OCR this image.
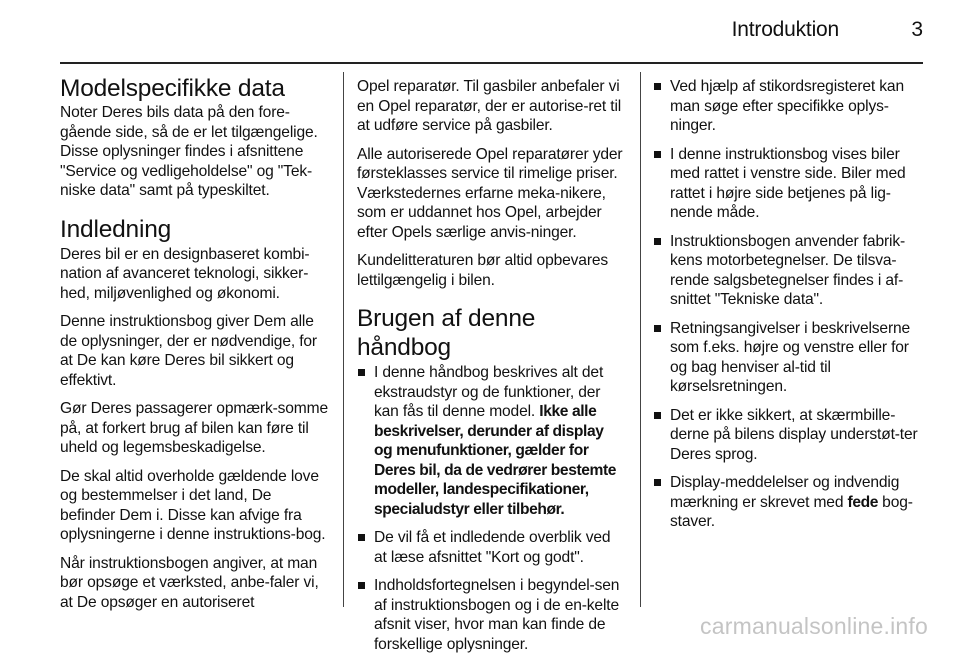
Introduktion	3
Modelspecifikke data

Noter Deres bils data på den fore-gående side, så de er let tilgængelige. Disse oplysninger findes i afsnittene "Service og vedligeholdelse" og "Tek-niske data" samt på typeskiltet.

Indledning

Deres bil er en designbaseret kombi-nation af avanceret teknologi, sikker-hed, miljøvenlighed og økonomi.

Denne instruktionsbog giver Dem alle de oplysninger, der er nødvendige, for at De kan køre Deres bil sikkert og effektivt.

Gør Deres passagerer opmærk-somme på, at forkert brug af bilen kan føre til uheld og legemsbeskadigelse.

De skal altid overholde gældende love og bestemmelser i det land, De befinder Dem i. Disse kan afvige fra oplysningerne i denne instruktions-bog.

Når instruktionsbogen angiver, at man bør opsøge et værksted, anbe-faler vi, at De opsøger en autoriseret

Opel reparatør. Til gasbiler anbefaler vi en Opel reparatør, der er autorise-ret til at udføre service på gasbiler.

Alle autoriserede Opel reparatører yder førsteklasses service til rimelige priser. Værkstedernes erfarne meka-nikere, som er uddannet hos Opel, arbejder efter Opels særlige anvis-ninger.

Kundelitteraturen bør altid opbevares lettilgængelig i bilen.

Brugen af denne håndbog
I denne håndbog beskrives alt det ekstraudstyr og de funktioner, der kan fås til denne model. Ikke alle beskrivelser, derunder af display og menufunktioner, gælder for Deres bil, da de vedrører bestemte modeller, landespecifikationer, specialudstyr eller tilbehør.
De vil få et indledende overblik ved at læse afsnittet "Kort og godt".
Indholdsfortegnelsen i begyndel-sen af instruktionsbogen og i de en-kelte afsnit viser, hvor man kan finde de forskellige oplysninger.
Ved hjælp af stikordsregisteret kan man søge efter specifikke oplys-ninger.
I denne instruktionsbog vises biler med rattet i venstre side. Biler med rattet i højre side betjenes på lig-nende måde.
Instruktionsbogen anvender fabrik-kens motorbetegnelser. De tilsva-rende salgsbetegnelser findes i af-snittet "Tekniske data".
Retningsangivelser i beskrivelserne som f.eks. højre og venstre eller for og bag henviser al-tid til kørselsretningen.
Det er ikke sikkert, at skærmbille-derne på bilens display understøt-ter Deres sprog.
Display-meddelelser og indvendig mærkning er skrevet med fede bog-staver.
carmanualsonline.info
